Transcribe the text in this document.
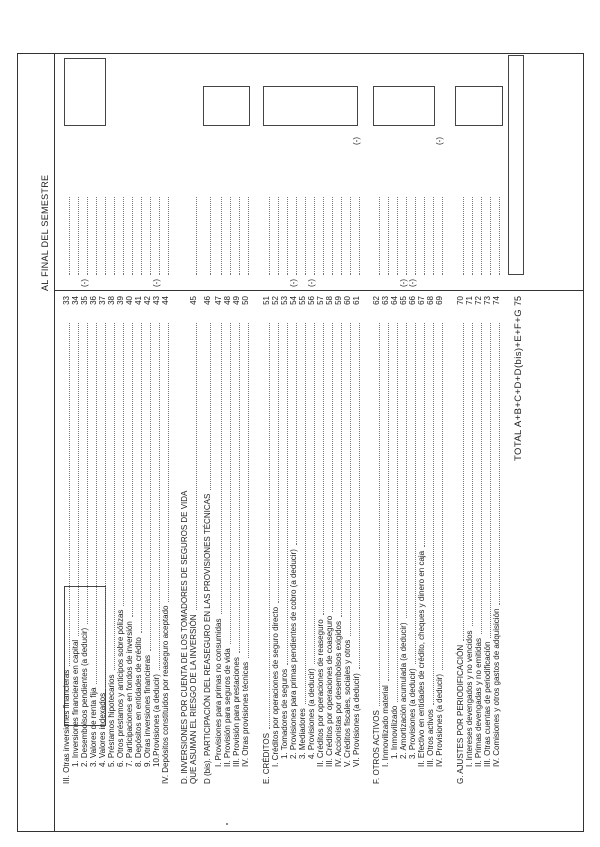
AL FINAL DEL SEMESTRE
III. Otras inversiones financieras
33
1. Inversiones financieras en capital
34
2. Desembolsos pendientes (a deducir)
35
(-)
3. Valores de renta fija
36
4. Valores indexados
37
5. Préstamos hipotecarios
38
6. Otros préstamos y anticipos sobre pólizas
39
7. Participaciones en fondos de inversión
40
8. Depósitos en entidades de crédito
41
9. Otras inversiones financieras
42
10.Provisiones (a deducir)
43
(-)
IV. Depósitos constituidos por reaseguro aceptado
44
D. INVERSIONES POR CUENTA DE LOS TOMADORES DE SEGUROS DE VIDA QUE ASUMAN EL RIESGO DE LA INVERSIÓN
45
D (bis). PARTICIPACIÓN DEL REASEGURO EN LAS PROVISIONES TÉCNICAS
46
I. Provisiones para primas no consumidas
47
II. Provisión para seguros de vida
48
III. Provisión para prestaciones
49
IV. Otras provisiones técnicas
50
E. CRÉDITOS
51
I. Créditos por operaciones de seguro directo
52
1. Tomadores de seguros
53
2. Provisiones para primas pendientes de cobro (a deducir)
54
(-)
3. Mediadores
55
4. Provisiones (a deducir)
56
(-)
II. Créditos por operaciones de reaseguro
57
III. Créditos por operaciones de coaseguro
58
IV. Accionistas por desembolsos exigidos
59
V. Créditos fiscales, sociales y otros
60
VI. Provisiones (a deducir)
61
(-)
F. OTROS ACTIVOS
62
I. Inmovilizado material
63
1. Inmovilizado
64
2. Amortización acumulada (a deducir)
65
(-)
3. Provisiones (a deducir)
66
(-)
II. Efectivo en entidades de crédito, cheques y dinero en caja
67
III. Otros activos
68
IV. Provisiones (a deducir)
69
(-)
G. AJUSTES POR PERIODIFICACIÓN
70
I. Intereses devengados y no vencidos
71
II. Primas devengadas y no emitidas
72
III. Otras cuentas de periodificación
73
IV. Comisiones y otros gastos de adquisición
74
TOTAL A+B+C+D+D(bis)+E+F+G
75
